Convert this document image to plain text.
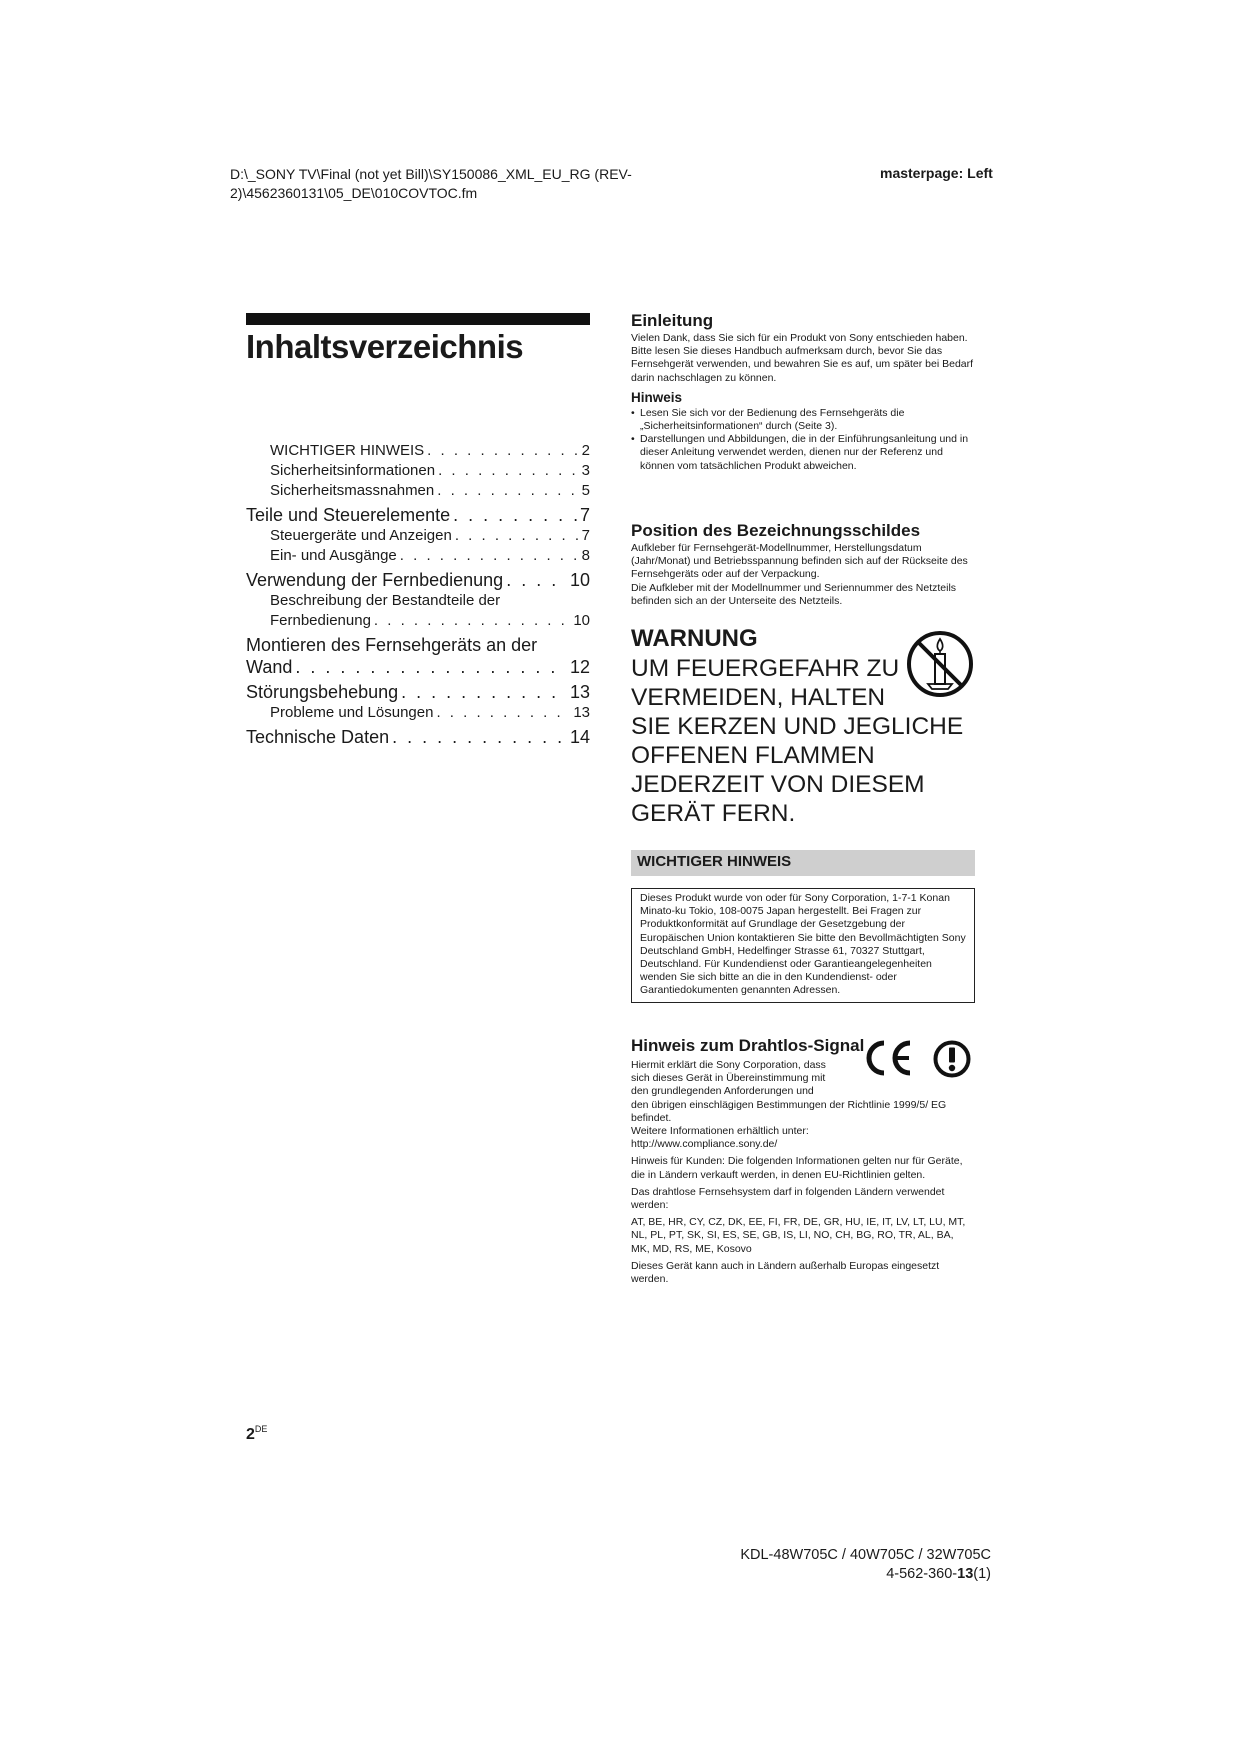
D:\_SONY TV\Final (not yet Bill)\SY150086_XML_EU_RG (REV-
2)\4562360131\05_DE\010COVTOC.fm
masterpage: Left
Inhaltsverzeichnis
WICHTIGER HINWEIS . . .	2
Sicherheitsinformationen . . .	3
Sicherheitsmassnahmen . . .	5
Teile und Steuerelemente . . .	7
Steuergeräte und Anzeigen . . .	7
Ein- und Ausgänge . . .	8
Verwendung der Fernbedienung . . .	10
Beschreibung der Bestandteile der
Fernbedienung . . .	10
Montieren des Fernsehgeräts an der
Wand . . .	12
Störungsbehebung . . .	13
Probleme und Lösungen . . .	13
Technische Daten . . .	14
2DE
Einleitung

Vielen Dank, dass Sie sich für ein Produkt von Sony entschieden haben.

Bitte lesen Sie dieses Handbuch aufmerksam durch, bevor Sie das Fernsehgerät verwenden, und bewahren Sie es auf, um später bei Bedarf darin nachschlagen zu können.

Hinweis
• Lesen Sie sich vor der Bedienung des Fernsehgeräts die „Sicherheitsinformationen“ durch (Seite 3).
• Darstellungen und Abbildungen, die in der Einführungsanleitung und in dieser Anleitung verwendet werden, dienen nur der Referenz und können vom tatsächlichen Produkt abweichen.
Position des Bezeichnungsschildes

Aufkleber für Fernsehgerät-Modellnummer, Herstellungsdatum (Jahr/Monat) und Betriebsspannung befinden sich auf der Rückseite des Fernsehgeräts oder auf der Verpackung.

Die Aufkleber mit der Modellnummer und Seriennummer des Netzteils befinden sich an der Unterseite des Netzteils.

WARNUNG
UM FEUERGEFAHR ZU
VERMEIDEN, HALTEN
SIE KERZEN UND JEGLICHE
OFFENEN FLAMMEN
JEDERZEIT VON DIESEM
GERÄT FERN.
WICHTIGER HINWEIS

Dieses Produkt wurde von oder für Sony Corporation, 1-7-1 Konan Minato-ku Tokio, 108-0075 Japan hergestellt. Bei Fragen zur Produktkonformität auf Grundlage der Gesetzgebung der Europäischen Union kontaktieren Sie bitte den Bevollmächtigten Sony Deutschland GmbH, Hedelfinger Strasse 61, 70327 Stuttgart, Deutschland. Für Kundendienst oder Garantieangelegenheiten wenden Sie sich bitte an die in den Kundendienst- oder Garantiedokumenten genannten Adressen.

Hinweis zum Drahtlos-Signal

Hiermit erklärt die Sony Corporation, dass

sich dieses Gerät in Übereinstimmung mit

den grundlegenden Anforderungen und

den übrigen einschlägigen Bestimmungen der Richtlinie 1999/5/ EG befindet.

Weitere Informationen erhältlich unter:

http://www.compliance.sony.de/

Hinweis für Kunden: Die folgenden Informationen gelten nur für Geräte, die in Ländern verkauft werden, in denen EU-Richtlinien gelten.

Das drahtlose Fernsehsystem darf in folgenden Ländern verwendet werden:

AT, BE, HR, CY, CZ, DK, EE, FI, FR, DE, GR, HU, IE, IT, LV, LT, LU, MT, NL, PL, PT, SK, SI, ES, SE, GB, IS, LI, NO, CH, BG, RO, TR, AL, BA, MK, MD, RS, ME, Kosovo

Dieses Gerät kann auch in Ländern außerhalb Europas eingesetzt werden.

KDL-48W705C / 40W705C / 32W705C
4-562-360-13(1)
